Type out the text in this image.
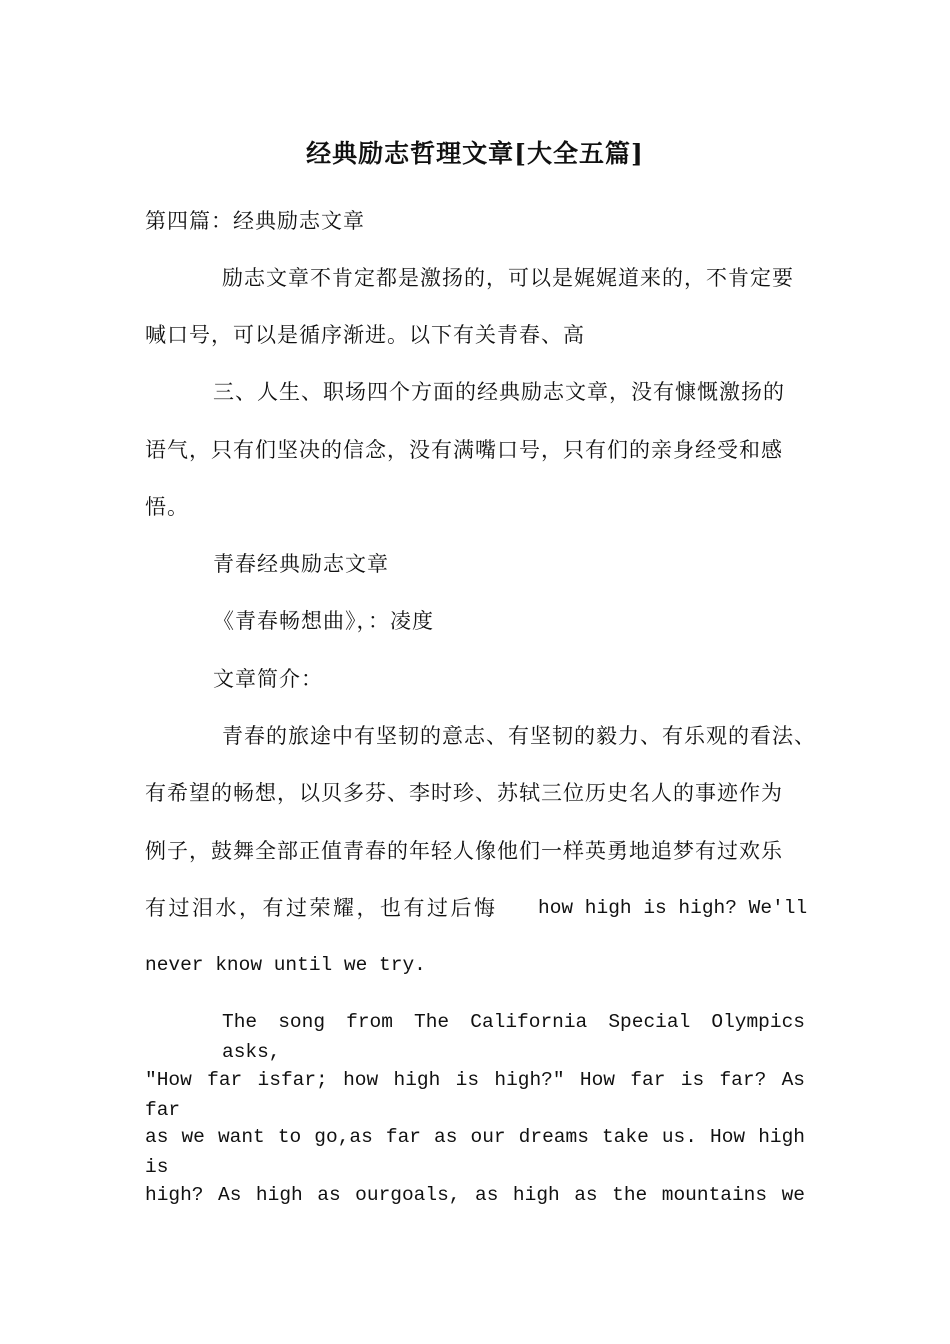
经典励志哲理文章[大全五篇]
第四篇：经典励志文章
励志文章不肯定都是激扬的，可以是娓娓道来的，不肯定要
喊口号，可以是循序渐进。以下有关青春、高
三、人生、职场四个方面的经典励志文章，没有慷慨激扬的
语气，只有们坚决的信念，没有满嘴口号，只有们的亲身经受和感
悟。
青春经典励志文章
《青春畅想曲》，：凌度
文章简介：
青春的旅途中有坚韧的意志、有坚韧的毅力、有乐观的看法、
有希望的畅想，以贝多芬、李时珍、苏轼三位历史名人的事迹作为
例子，鼓舞全部正值青春的年轻人像他们一样英勇地追梦有过欢乐
有过泪水，有过荣耀，也有过后悔 how high is high? We'll
never know until we try.
The song from The California Special Olympics asks,
"How far isfar; how high is high?" How far is far? As far
as we want to go,as far as our dreams take us. How high is
high? As high as ourgoals, as high as the mountains we
